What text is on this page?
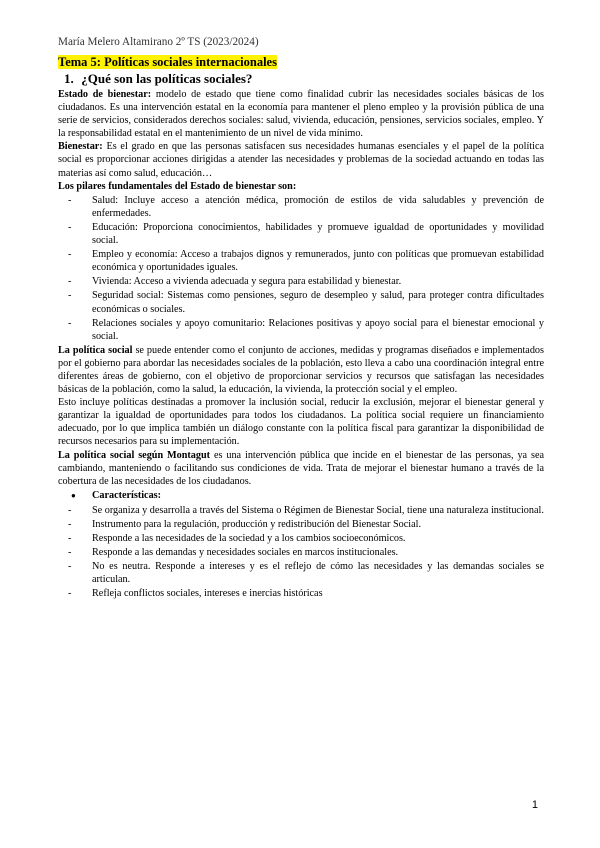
María Melero Altamirano 2º TS (2023/2024)
Tema 5: Políticas sociales internacionales
1. ¿Qué son las políticas sociales?

Estado de bienestar: modelo de estado que tiene como finalidad cubrir las necesidades sociales básicas de los ciudadanos. Es una intervención estatal en la economía para mantener el pleno empleo y la provisión pública de una serie de servicios, considerados derechos sociales: salud, vivienda, educación, pensiones, servicios sociales, empleo. Y la responsabilidad estatal en el mantenimiento de un nivel de vida mínimo.

Bienestar: Es el grado en que las personas satisfacen sus necesidades humanas esenciales y el papel de la política social es proporcionar acciones dirigidas a atender las necesidades y problemas de la sociedad actuando en todas las materias así como salud, educación…

Los pilares fundamentales del Estado de bienestar son:

- Salud: Incluye acceso a atención médica, promoción de estilos de vida saludables y prevención de enfermedades.
- Educación: Proporciona conocimientos, habilidades y promueve igualdad de oportunidades y movilidad social.
- Empleo y economía: Acceso a trabajos dignos y remunerados, junto con políticas que promuevan estabilidad económica y oportunidades iguales.
- Vivienda: Acceso a vivienda adecuada y segura para estabilidad y bienestar.
- Seguridad social: Sistemas como pensiones, seguro de desempleo y salud, para proteger contra dificultades económicas o sociales.
- Relaciones sociales y apoyo comunitario: Relaciones positivas y apoyo social para el bienestar emocional y social.

La política social se puede entender como el conjunto de acciones, medidas y programas diseñados e implementados por el gobierno para abordar las necesidades sociales de la población, esto lleva a cabo una coordinación integral entre diferentes áreas de gobierno, con el objetivo de proporcionar servicios y recursos que satisfagan las necesidades básicas de la población, como la salud, la educación, la vivienda, la protección social y el empleo.

Esto incluye políticas destinadas a promover la inclusión social, reducir la exclusión, mejorar el bienestar general y garantizar la igualdad de oportunidades para todos los ciudadanos. La política social requiere un financiamiento adecuado, por lo que implica también un diálogo constante con la política fiscal para garantizar la disponibilidad de recursos necesarios para su implementación.

La política social según Montagut es una intervención pública que incide en el bienestar de las personas, ya sea cambiando, manteniendo o facilitando sus condiciones de vida. Trata de mejorar el bienestar humano a través de la cobertura de las necesidades de los ciudadanos.

● Características:
- Se organiza y desarrolla a través del Sistema o Régimen de Bienestar Social, tiene una naturaleza institucional.
- Instrumento para la regulación, producción y redistribución del Bienestar Social.
- Responde a las necesidades de la sociedad y a los cambios socioeconómicos.
- Responde a las demandas y necesidades sociales en marcos institucionales.
- No es neutra. Responde a intereses y es el reflejo de cómo las necesidades y las demandas sociales se articulan.
- Refleja conflictos sociales, intereses e inercias históricas
1
